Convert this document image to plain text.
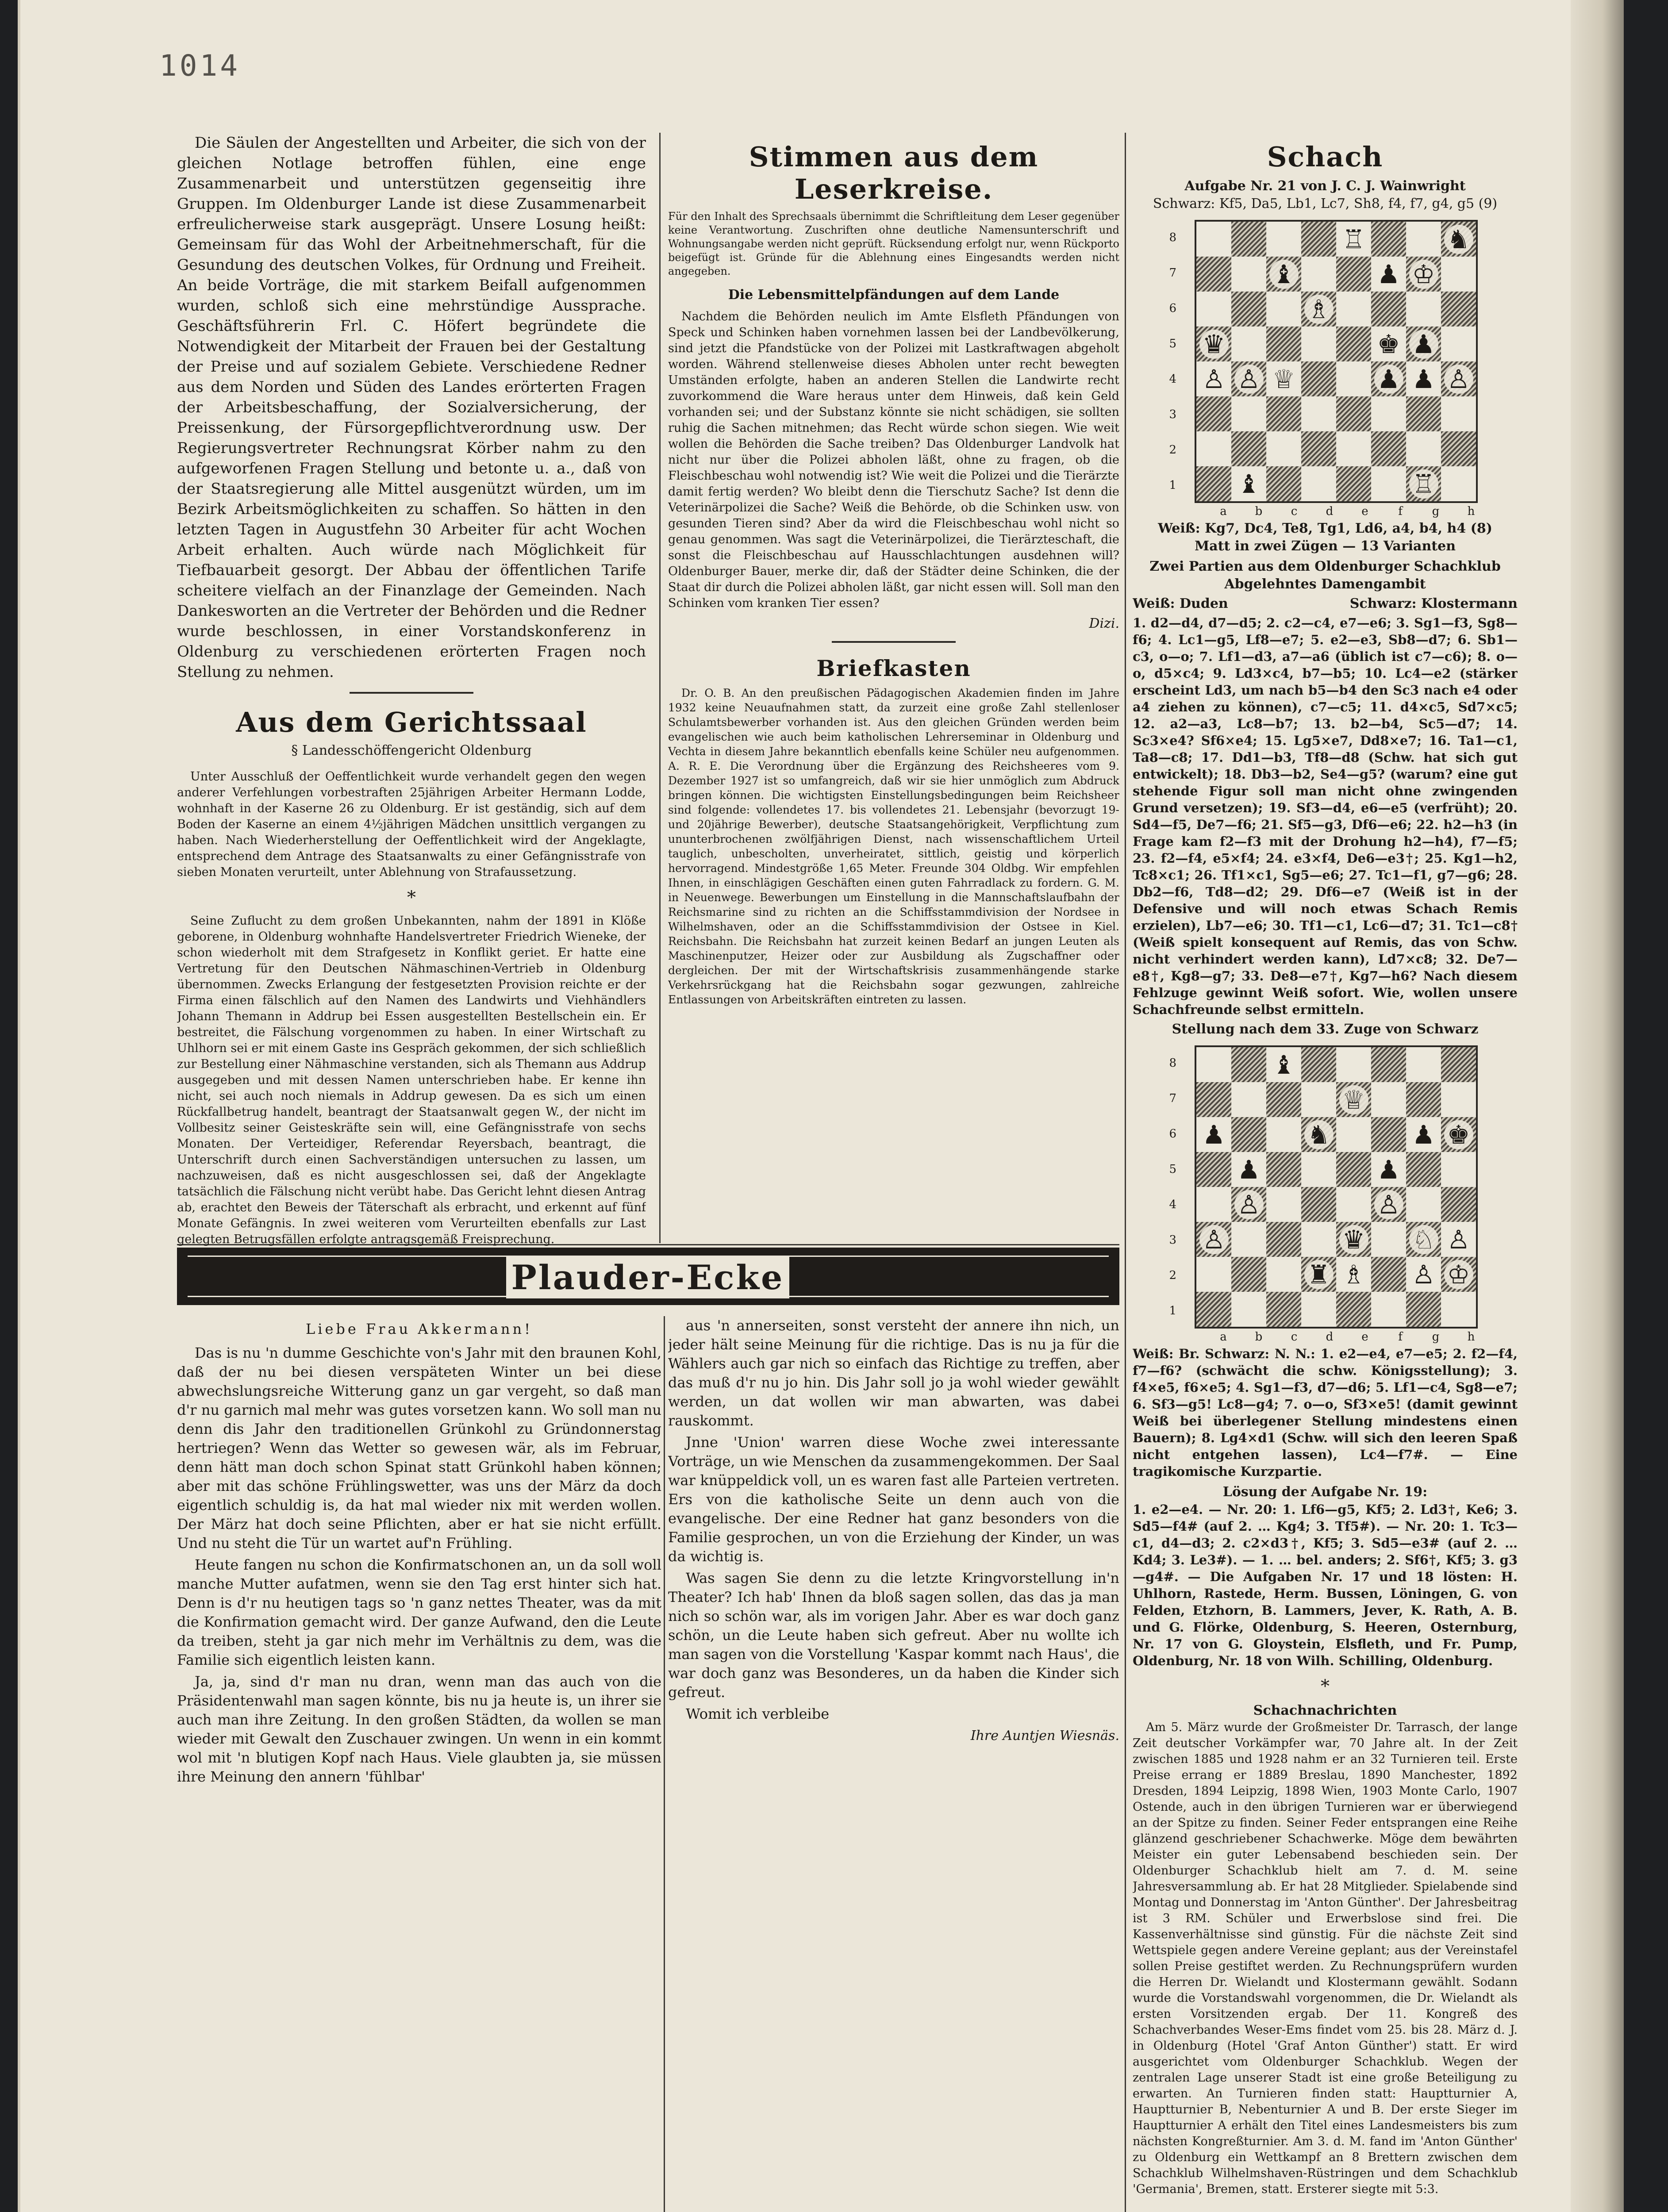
1014

Die Säulen der Angestellten und Arbeiter, die sich von der gleichen Notlage betroffen fühlen, eine enge Zusammenarbeit und unterstützen gegenseitig ihre Gruppen. Im Oldenburger Lande ist diese Zusammenarbeit erfreulicherweise stark ausgeprägt. Unsere Losung heißt: Gemeinsam für das Wohl der Arbeitnehmerschaft, für die Gesundung des deutschen Volkes, für Ordnung und Freiheit. An beide Vorträge, die mit starkem Beifall aufgenommen wurden, schloß sich eine mehrstündige Aussprache. Geschäftsführerin Frl. C. Höfert begründete die Notwendigkeit der Mitarbeit der Frauen bei der Gestaltung der Preise und auf sozialem Gebiete. Verschiedene Redner aus dem Norden und Süden des Landes erörterten Fragen der Arbeitsbeschaffung, der Sozialversicherung, der Preissenkung, der Fürsorgepflichtverordnung usw. Der Regierungsvertreter Rechnungsrat Körber nahm zu den aufgeworfenen Fragen Stellung und betonte u. a., daß von der Staatsregierung alle Mittel ausgenützt würden, um im Bezirk Arbeitsmöglichkeiten zu schaffen. So hätten in den letzten Tagen in Augustfehn 30 Arbeiter für acht Wochen Arbeit erhalten. Auch würde nach Möglichkeit für Tiefbauarbeit gesorgt. Der Abbau der öffentlichen Tarife scheitere vielfach an der Finanzlage der Gemeinden. Nach Dankesworten an die Vertreter der Behörden und die Redner wurde beschlossen, in einer Vorstandskonferenz in Oldenburg zu verschiedenen erörterten Fragen noch Stellung zu nehmen.

Aus dem Gerichtssaal
§ Landesschöffengericht Oldenburg

Unter Ausschluß der Oeffentlichkeit wurde verhandelt gegen den wegen anderer Verfehlungen vorbestraften 25jährigen Arbeiter Hermann Lodde, wohnhaft in der Kaserne 26 zu Oldenburg. Er ist geständig, sich auf dem Boden der Kaserne an einem 4½jährigen Mädchen unsittlich vergangen zu haben. Nach Wiederherstellung der Oeffentlichkeit wird der Angeklagte, entsprechend dem Antrage des Staatsanwalts zu einer Gefängnisstrafe von sieben Monaten verurteilt, unter Ablehnung von Strafaussetzung.

*

Seine Zuflucht zu dem großen Unbekannten, nahm der 1891 in Klöße geborene, in Oldenburg wohnhafte Handelsvertreter Friedrich Wieneke, der schon wiederholt mit dem Strafgesetz in Konflikt geriet. Er hatte eine Vertretung für den Deutschen Nähmaschinen-Vertrieb in Oldenburg übernommen. Zwecks Erlangung der festgesetzten Provision reichte er der Firma einen fälschlich auf den Namen des Landwirts und Viehhändlers Johann Themann in Addrup bei Essen ausgestellten Bestellschein ein. Er bestreitet, die Fälschung vorgenommen zu haben. In einer Wirtschaft zu Uhlhorn sei er mit einem Gaste ins Gespräch gekommen, der sich schließlich zur Bestellung einer Nähmaschine verstanden, sich als Themann aus Addrup ausgegeben und mit dessen Namen unterschrieben habe. Er kenne ihn nicht, sei auch noch niemals in Addrup gewesen. Da es sich um einen Rückfallbetrug handelt, beantragt der Staatsanwalt gegen W., der nicht im Vollbesitz seiner Geisteskräfte sein will, eine Gefängnisstrafe von sechs Monaten. Der Verteidiger, Referendar Reyersbach, beantragt, die Unterschrift durch einen Sachverständigen untersuchen zu lassen, um nachzuweisen, daß es nicht ausgeschlossen sei, daß der Angeklagte tatsächlich die Fälschung nicht verübt habe. Das Gericht lehnt diesen Antrag ab, erachtet den Beweis der Täterschaft als erbracht, und erkennt auf fünf Monate Gefängnis. In zwei weiteren vom Verurteilten ebenfalls zur Last gelegten Betrugsfällen erfolgte antragsgemäß Freisprechung.

Stimmen aus dem Leserkreise.

Für den Inhalt des Sprechsaals übernimmt die Schriftleitung dem Leser gegenüber keine Verantwortung. Zuschriften ohne deutliche Namensunterschrift und Wohnungsangabe werden nicht geprüft. Rücksendung erfolgt nur, wenn Rückporto beigefügt ist. Gründe für die Ablehnung eines Eingesandts werden nicht angegeben.

Die Lebensmittelpfändungen auf dem Lande

Nachdem die Behörden neulich im Amte Elsfleth Pfändungen von Speck und Schinken haben vornehmen lassen bei der Landbevölkerung, sind jetzt die Pfandstücke von der Polizei mit Lastkraftwagen abgeholt worden. Während stellenweise dieses Abholen unter recht bewegten Umständen erfolgte, haben an anderen Stellen die Landwirte recht zuvorkommend die Ware heraus unter dem Hinweis, daß kein Geld vorhanden sei; und der Substanz könnte sie nicht schädigen, sie sollten ruhig die Sachen mitnehmen; das Recht würde schon siegen. Wie weit wollen die Behörden die Sache treiben? Das Oldenburger Landvolk hat nicht nur über die Polizei abholen läßt, ohne zu fragen, ob die Fleischbeschau wohl notwendig ist? Wie weit die Polizei und die Tierärzte damit fertig werden? Wo bleibt denn die Tierschutz Sache? Ist denn die Veterinärpolizei die Sache? Weiß die Behörde, ob die Schinken usw. von gesunden Tieren sind? Aber da wird die Fleischbeschau wohl nicht so genau genommen. Was sagt die Veterinärpolizei, die Tierärzteschaft, die sonst die Fleischbeschau auf Hausschlachtungen ausdehnen will? Oldenburger Bauer, merke dir, daß der Städter deine Schinken, die der Staat dir durch die Polizei abholen läßt, gar nicht essen will. Soll man den Schinken vom kranken Tier essen?

Dizi.
Briefkasten

Dr. O. B. An den preußischen Pädagogischen Akademien finden im Jahre 1932 keine Neuaufnahmen statt, da zurzeit eine große Zahl stellenloser Schulamtsbewerber vorhanden ist. Aus den gleichen Gründen werden beim evangelischen wie auch beim katholischen Lehrerseminar in Oldenburg und Vechta in diesem Jahre bekanntlich ebenfalls keine Schüler neu aufgenommen. A. R. E. Die Verordnung über die Ergänzung des Reichsheeres vom 9. Dezember 1927 ist so umfangreich, daß wir sie hier unmöglich zum Abdruck bringen können. Die wichtigsten Einstellungsbedingungen beim Reichsheer sind folgende: vollendetes 17. bis vollendetes 21. Lebensjahr (bevorzugt 19- und 20jährige Bewerber), deutsche Staatsangehörigkeit, Verpflichtung zum ununterbrochenen zwölfjährigen Dienst, nach wissenschaftlichem Urteil tauglich, unbescholten, unverheiratet, sittlich, geistig und körperlich hervorragend. Mindestgröße 1,65 Meter. Freunde 304 Oldbg. Wir empfehlen Ihnen, in einschlägigen Geschäften einen guten Fahrradlack zu fordern. G. M. in Neuenwege. Bewerbungen um Einstellung in die Mannschaftslaufbahn der Reichsmarine sind zu richten an die Schiffsstammdivision der Nordsee in Wilhelmshaven, oder an die Schiffsstammdivision der Ostsee in Kiel. Reichsbahn. Die Reichsbahn hat zurzeit keinen Bedarf an jungen Leuten als Maschinenputzer, Heizer oder zur Ausbildung als Zugschaffner oder dergleichen. Der mit der Wirtschaftskrisis zusammenhängende starke Verkehrsrückgang hat die Reichsbahn sogar gezwungen, zahlreiche Entlassungen von Arbeitskräften eintreten zu lassen.

Plauder-Ecke
Liebe Frau Akkermann!

Das is nu 'n dumme Geschichte von's Jahr mit den braunen Kohl, daß der nu bei diesen verspäteten Winter un bei diese abwechslungsreiche Witterung ganz un gar vergeht, so daß man d'r nu garnich mal mehr was gutes vorsetzen kann. Wo soll man nu denn dis Jahr den traditionellen Grünkohl zu Gründonnerstag hertriegen? Wenn das Wetter so gewesen wär, als im Februar, denn hätt man doch schon Spinat statt Grünkohl haben können; aber mit das schöne Frühlingswetter, was uns der März da doch eigentlich schuldig is, da hat mal wieder nix mit werden wollen. Der März hat doch seine Pflichten, aber er hat sie nicht erfüllt. Und nu steht die Tür un wartet auf'n Frühling.

Heute fangen nu schon die Konfirmatschonen an, un da soll woll manche Mutter aufatmen, wenn sie den Tag erst hinter sich hat. Denn is d'r nu heutigen tags so 'n ganz nettes Theater, was da mit die Konfirmation gemacht wird. Der ganze Aufwand, den die Leute da treiben, steht ja gar nich mehr im Verhältnis zu dem, was die Familie sich eigentlich leisten kann.

Ja, ja, sind d'r man nu dran, wenn man das auch von die Präsidentenwahl man sagen könnte, bis nu ja heute is, un ihrer sie auch man ihre Zeitung. In den großen Städten, da wollen se man wieder mit Gewalt den Zuschauer zwingen. Un wenn in ein kommt wol mit 'n blutigen Kopf nach Haus. Viele glaubten ja, sie müssen ihre Meinung den annern 'fühlbar'

aus 'n annerseiten, sonst versteht der annere ihn nich, un jeder hält seine Meinung für die richtige. Das is nu ja für die Wählers auch gar nich so einfach das Richtige zu treffen, aber das muß d'r nu jo hin. Dis Jahr soll jo ja wohl wieder gewählt werden, un dat wollen wir man abwarten, was dabei rauskommt.

Jnne 'Union' warren diese Woche zwei interessante Vorträge, un wie Menschen da zusammengekommen. Der Saal war knüppeldick voll, un es waren fast alle Parteien vertreten. Ers von die katholische Seite un denn auch von die evangelische. Der eine Redner hat ganz besonders von die Familie gesprochen, un von die Erziehung der Kinder, un was da wichtig is.

Was sagen Sie denn zu die letzte Kringvorstellung in'n Theater? Ich hab' Ihnen da bloß sagen sollen, das das ja man nich so schön war, als im vorigen Jahr. Aber es war doch ganz schön, un die Leute haben sich gefreut. Aber nu wollte ich man sagen von die Vorstellung 'Kaspar kommt nach Haus', die war doch ganz was Besonderes, un da haben die Kinder sich gefreut.

Womit ich verbleibe

Ihre Auntjen Wiesnäs.
Schach
Aufgabe Nr. 21 von J. C. J. Wainwright
Schwarz: Kf5, Da5, Lb1, Lc7, Sh8, f4, f7, g4, g5 (9)
8
7
6
5
4
3
2
1
♖	♞
♝	♟ ♔
♗
♛	♚ ♟
♙ ♙ ♕	♟ ♟ ♙
♝	♖
a	b	c	d	e	f	g	h
Weiß: Kg7, Dc4, Te8, Tg1, Ld6, a4, b4, h4 (8)
Matt in zwei Zügen — 13 Varianten
Zwei Partien aus dem Oldenburger Schachklub
Abgelehntes Damengambit
Weiß: Duden	Schwarz: Klostermann

1. d2—d4, d7—d5; 2. c2—c4, e7—e6; 3. Sg1—f3, Sg8—f6; 4. Lc1—g5, Lf8—e7; 5. e2—e3, Sb8—d7; 6. Sb1—c3, o—o; 7. Lf1—d3, a7—a6 (üblich ist c7—c6); 8. o—o, d5×c4; 9. Ld3×c4, b7—b5; 10. Lc4—e2 (stärker erscheint Ld3, um nach b5—b4 den Sc3 nach e4 oder a4 ziehen zu können), c7—c5; 11. d4×c5, Sd7×c5; 12. a2—a3, Lc8—b7; 13. b2—b4, Sc5—d7; 14. Sc3×e4? Sf6×e4; 15. Lg5×e7, Dd8×e7; 16. Ta1—c1, Ta8—c8; 17. Dd1—b3, Tf8—d8 (Schw. hat sich gut entwickelt); 18. Db3—b2, Se4—g5? (warum? eine gut stehende Figur soll man nicht ohne zwingenden Grund versetzen); 19. Sf3—d4, e6—e5 (verfrüht); 20. Sd4—f5, De7—f6; 21. Sf5—g3, Df6—e6; 22. h2—h3 (in Frage kam f2—f3 mit der Drohung h2—h4), f7—f5; 23. f2—f4, e5×f4; 24. e3×f4, De6—e3†; 25. Kg1—h2, Tc8×c1; 26. Tf1×c1, Sg5—e6; 27. Tc1—f1, g7—g6; 28. Db2—f6, Td8—d2; 29. Df6—e7 (Weiß ist in der Defensive und will noch etwas Schach Remis erzielen), Lb7—e6; 30. Tf1—c1, Lc6—d7; 31. Tc1—c8† (Weiß spielt konsequent auf Remis, das von Schw. nicht verhindert werden kann), Ld7×c8; 32. De7—e8†, Kg8—g7; 33. De8—e7†, Kg7—h6? Nach diesem Fehlzuge gewinnt Weiß sofort. Wie, wollen unsere Schachfreunde selbst ermitteln.

Stellung nach dem 33. Zuge von Schwarz
8
7
6
5
4
3
2
1
♝
♕
♟	♞	♟ ♚
♟	♟
♙	♙
♙	♛ ♘ ♙
♜ ♗ ♙ ♔
a	b	c	d	e	f	g	h

Weiß: Br. Schwarz: N. N.: 1. e2—e4, e7—e5; 2. f2—f4, f7—f6? (schwächt die schw. Königsstellung); 3. f4×e5, f6×e5; 4. Sg1—f3, d7—d6; 5. Lf1—c4, Sg8—e7; 6. Sf3—g5! Lc8—g4; 7. o—o, Sf3×e5! (damit gewinnt Weiß bei überlegener Stellung mindestens einen Bauern); 8. Lg4×d1 (Schw. will sich den leeren Spaß nicht entgehen lassen), Lc4—f7#. — Eine tragikomische Kurzpartie.

Lösung der Aufgabe Nr. 19:

1. e2—e4. — Nr. 20: 1. Lf6—g5, Kf5; 2. Ld3†, Ke6; 3. Sd5—f4# (auf 2. … Kg4; 3. Tf5#). — Nr. 20: 1. Tc3—c1, d4—d3; 2. c2×d3†, Kf5; 3. Sd5—e3# (auf 2. … Kd4; 3. Le3#). — 1. … bel. anders; 2. Sf6†, Kf5; 3. g3—g4#. — Die Aufgaben Nr. 17 und 18 lösten: H. Uhlhorn, Rastede, Herm. Bussen, Löningen, G. von Felden, Etzhorn, B. Lammers, Jever, K. Rath, A. B. und G. Flörke, Oldenburg, S. Heeren, Osternburg, Nr. 17 von G. Gloystein, Elsfleth, und Fr. Pump, Oldenburg, Nr. 18 von Wilh. Schilling, Oldenburg.

*
Schachnachrichten

Am 5. März wurde der Großmeister Dr. Tarrasch, der lange Zeit deutscher Vorkämpfer war, 70 Jahre alt. In der Zeit zwischen 1885 und 1928 nahm er an 32 Turnieren teil. Erste Preise errang er 1889 Breslau, 1890 Manchester, 1892 Dresden, 1894 Leipzig, 1898 Wien, 1903 Monte Carlo, 1907 Ostende, auch in den übrigen Turnieren war er überwiegend an der Spitze zu finden. Seiner Feder entsprangen eine Reihe glänzend geschriebener Schachwerke. Möge dem bewährten Meister ein guter Lebensabend beschieden sein. Der Oldenburger Schachklub hielt am 7. d. M. seine Jahresversammlung ab. Er hat 28 Mitglieder. Spielabende sind Montag und Donnerstag im 'Anton Günther'. Der Jahresbeitrag ist 3 RM. Schüler und Erwerbslose sind frei. Die Kassenverhältnisse sind günstig. Für die nächste Zeit sind Wettspiele gegen andere Vereine geplant; aus der Vereinstafel sollen Preise gestiftet werden. Zu Rechnungsprüfern wurden die Herren Dr. Wielandt und Klostermann gewählt. Sodann wurde die Vorstandswahl vorgenommen, die Dr. Wielandt als ersten Vorsitzenden ergab. Der 11. Kongreß des Schachverbandes Weser-Ems findet vom 25. bis 28. März d. J. in Oldenburg (Hotel 'Graf Anton Günther') statt. Er wird ausgerichtet vom Oldenburger Schachklub. Wegen der zentralen Lage unserer Stadt ist eine große Beteiligung zu erwarten. An Turnieren finden statt: Hauptturnier A, Hauptturnier B, Nebenturnier A und B. Der erste Sieger im Hauptturnier A erhält den Titel eines Landesmeisters bis zum nächsten Kongreßturnier. Am 3. d. M. fand im 'Anton Günther' zu Oldenburg ein Wettkampf an 8 Brettern zwischen dem Schachklub Wilhelmshaven-Rüstringen und dem Schachklub 'Germania', Bremen, statt. Ersterer siegte mit 5:3.
